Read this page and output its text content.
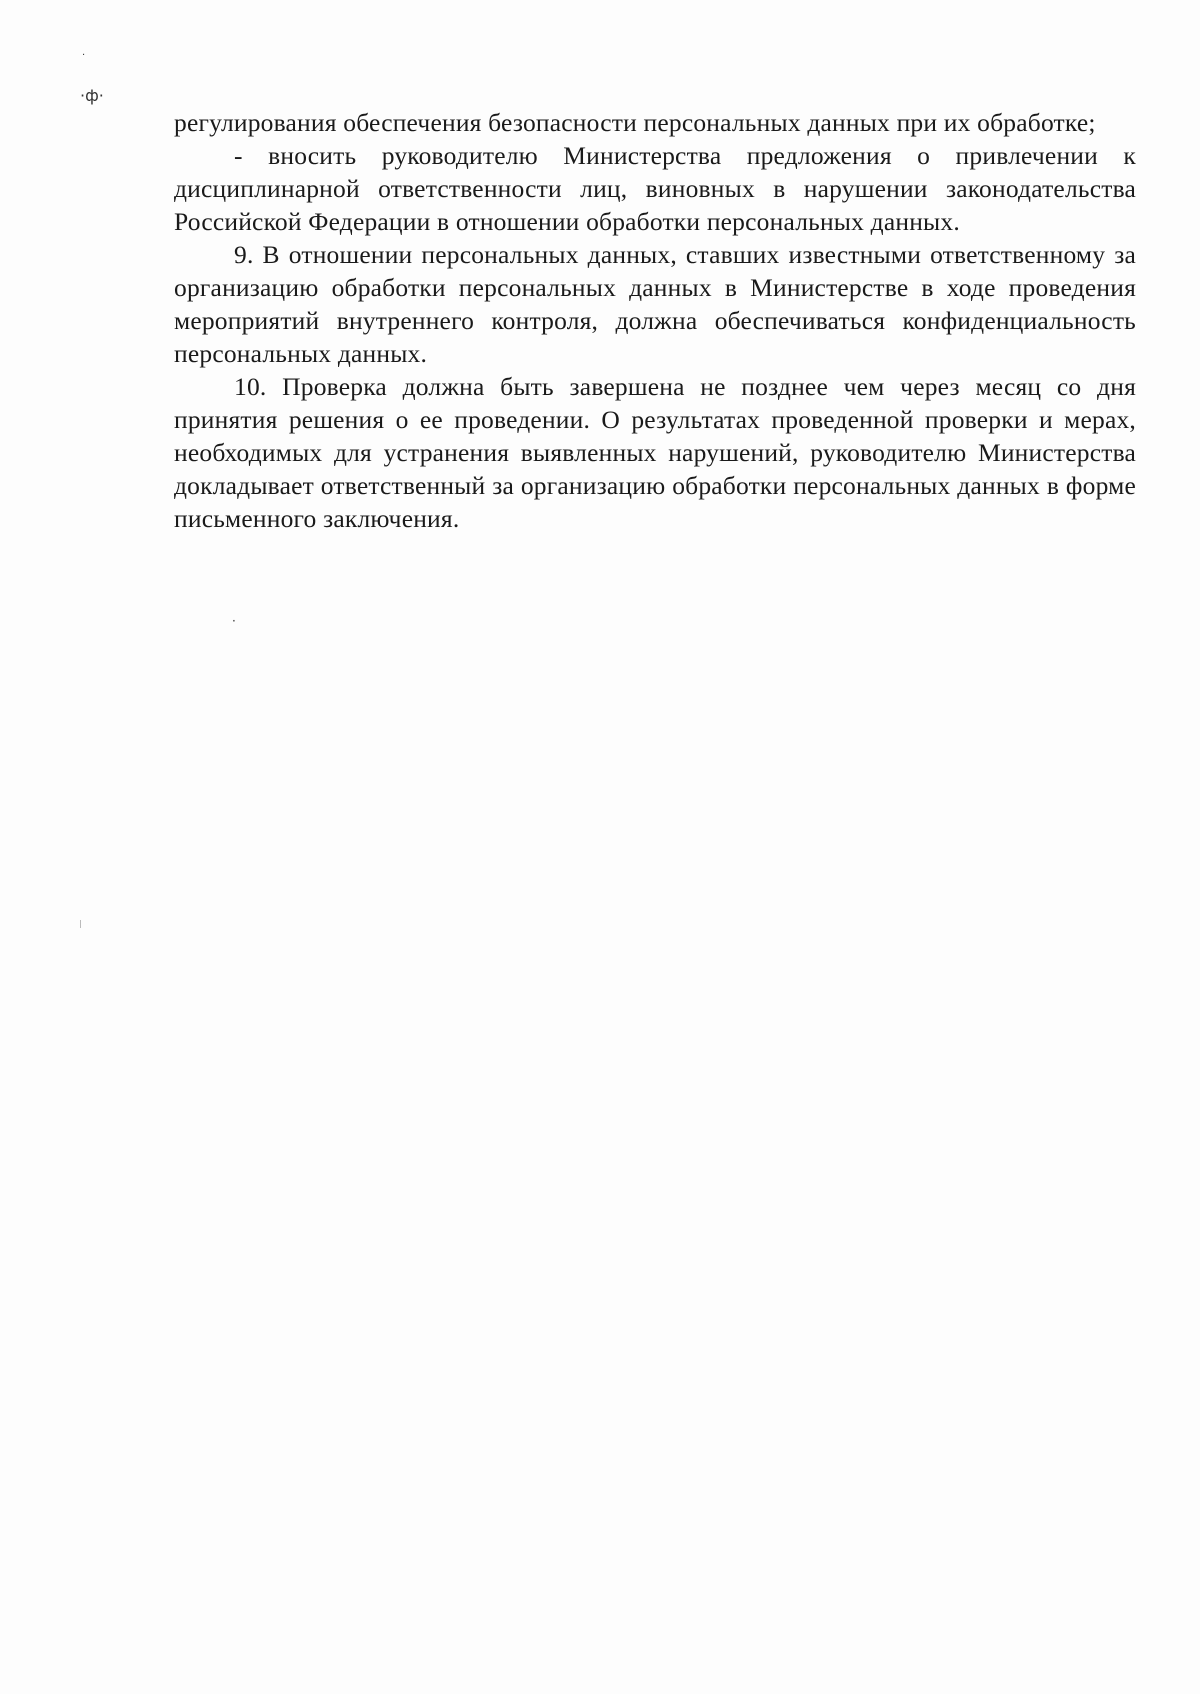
·
·ф·
·

регулирования обеспечения безопасности персональных данных при их обработке;

- вносить руководителю Министерства предложения о привлечении к дисциплинарной ответственности лиц, виновных в нарушении законодательства Российской Федерации в отношении обработки персональных данных.

9. В отношении персональных данных, ставших известными ответственному за организацию обработки персональных данных в Министерстве в ходе проведения мероприятий внутреннего контроля, должна обеспечиваться конфиденциальность персональных данных.

10. Проверка должна быть завершена не позднее чем через месяц со дня принятия решения о ее проведении. О результатах проведенной проверки и мерах, необходимых для устранения выявленных нарушений, руководителю Министерства докладывает ответственный за организацию обработки персональных данных в форме письменного заключения.
